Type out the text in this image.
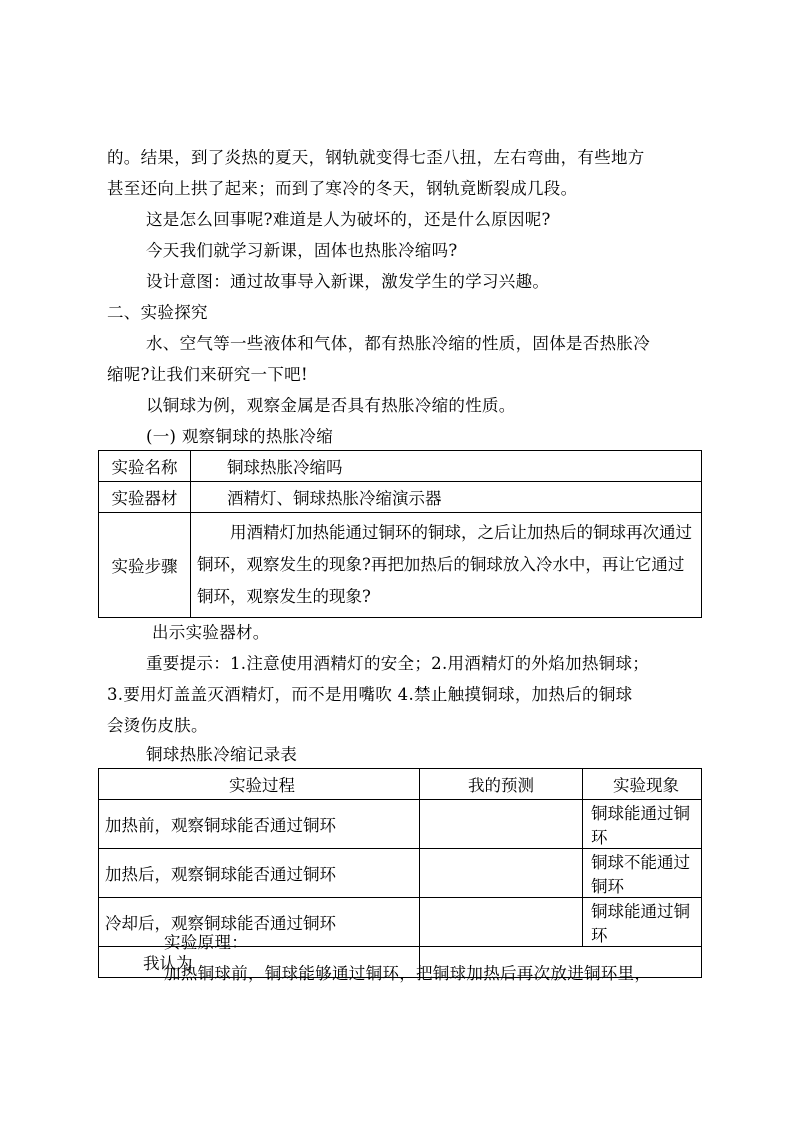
的。结果，到了炎热的夏天，钢轨就变得七歪八扭，左右弯曲，有些地方
甚至还向上拱了起来；而到了寒冷的冬天，钢轨竟断裂成几段。
这是怎么回事呢?难道是人为破坏的，还是什么原因呢?
今天我们就学习新课，固体也热胀冷缩吗?
设计意图：通过故事导入新课，激发学生的学习兴趣。
二、实验探究
水、空气等一些液体和气体，都有热胀冷缩的性质，固体是否热胀冷
缩呢?让我们来研究一下吧!
以铜球为例，观察金属是否具有热胀冷缩的性质。
(一) 观察铜球的热胀冷缩
实验名称	铜球热胀冷缩吗
实验器材	酒精灯、铜球热胀冷缩演示器
实验步骤	　　用酒精灯加热能通过铜环的铜球，之后让加热后的铜球再次通过铜环，观察发生的现象?再把加热后的铜球放入冷水中，再让它通过铜环，观察发生的现象?
出示实验器材。
重要提示：1.注意使用酒精灯的安全；2.用酒精灯的外焰加热铜球；
3.要用灯盖盖灭酒精灯，而不是用嘴吹 4.禁止触摸铜球，加热后的铜球
会烫伤皮肤。
铜球热胀冷缩记录表
实验过程	我的预测	实验现象
加热前，观察铜球能否通过铜环		铜球能通过铜环
加热后，观察铜球能否通过铜环		铜球不能通过铜环
冷却后，观察铜球能否通过铜环		铜球能通过铜环
我认为		
实验原理：
加热铜球前，铜球能够通过铜环，把铜球加热后再次放进铜环里，
